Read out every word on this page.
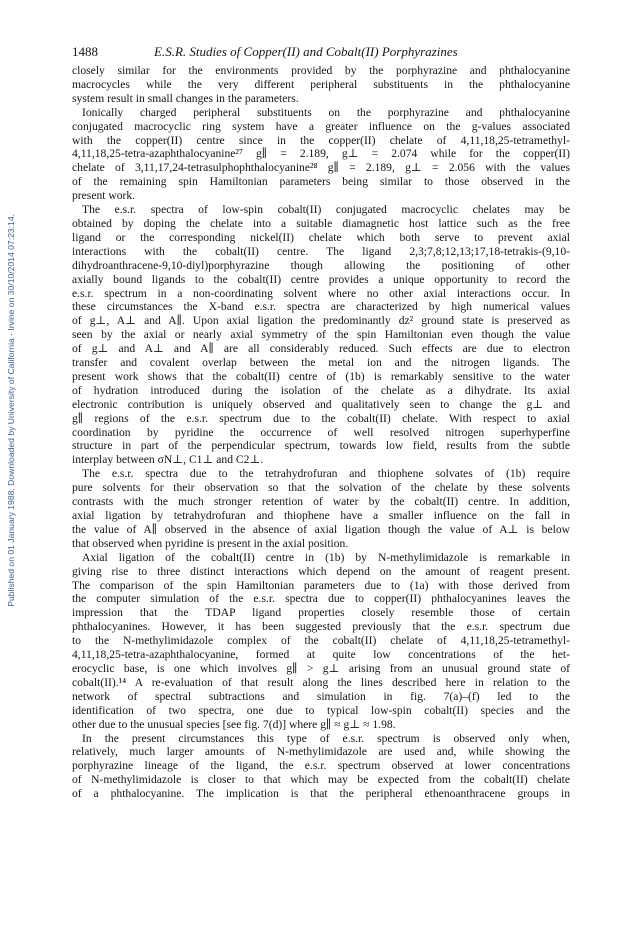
Published on 01 January 1988. Downloaded by University of California - Irvine on 30/10/2014 07:23:14.
1488	E.S.R. Studies of Copper(II) and Cobalt(II) Porphyrazines
closely similar for the environments provided by the porphyrazine and phthalocyanine
macrocycles while the very different peripheral substituents in the phthalocyanine
system result in small changes in the parameters.
Ionically charged peripheral substituents on the porphyrazine and phthalocyanine
conjugated macrocyclic ring system have a greater influence on the g-values associated
with the copper(II) centre since in the copper(II) chelate of 4,11,18,25-tetramethyl-
4,11,18,25-tetra-azaphthalocyanine²⁷ g∥ = 2.189, g⊥ = 2.074 while for the copper(II)
chelate of 3,11,17,24-tetrasulphophthalocyanine²⁸ g∥ = 2.189, g⊥ = 2.056 with the values
of the remaining spin Hamiltonian parameters being similar to those observed in the
present work.
The e.s.r. spectra of low-spin cobalt(II) conjugated macrocyclic chelates may be
obtained by doping the chelate into a suitable diamagnetic host lattice such as the free
ligand or the corresponding nickel(II) chelate which both serve to prevent axial
interactions with the cobalt(II) centre. The ligand 2,3;7,8;12,13;17,18-tetrakis-(9,10-
dihydroanthracene-9,10-diyl)porphyrazine though allowing the positioning of other
axially bound ligands to the cobalt(II) centre provides a unique opportunity to record the
e.s.r. spectrum in a non-coordinating solvent where no other axial interactions occur. In
these circumstances the X-band e.s.r. spectra are characterized by high numerical values
of g⊥, A⊥ and A∥. Upon axial ligation the predominantly dz² ground state is preserved as
seen by the axial or nearly axial symmetry of the spin Hamiltonian even though the value
of g⊥ and A⊥ and A∥ are all considerably reduced. Such effects are due to electron
transfer and covalent overlap between the metal ion and the nitrogen ligands. The
present work shows that the cobalt(II) centre of (1b) is remarkably sensitive to the water
of hydration introduced during the isolation of the chelate as a dihydrate. Its axial
electronic contribution is uniquely observed and qualitatively seen to change the g⊥ and
g∥ regions of the e.s.r. spectrum due to the cobalt(II) chelate. With respect to axial
coordination by pyridine the occurrence of well resolved nitrogen superhyperfine
structure in part of the perpendicular spectrum, towards low field, results from the subtle
interplay between σN⊥, C1⊥ and C2⊥.
The e.s.r. spectra due to the tetrahydrofuran and thiophene solvates of (1b) require
pure solvents for their observation so that the solvation of the chelate by these solvents
contrasts with the much stronger retention of water by the cobalt(II) centre. In addition,
axial ligation by tetrahydrofuran and thiophene have a smaller influence on the fall in
the value of A∥ observed in the absence of axial ligation though the value of A⊥ is below
that observed when pyridine is present in the axial position.
Axial ligation of the cobalt(II) centre in (1b) by N-methylimidazole is remarkable in
giving rise to three distinct interactions which depend on the amount of reagent present.
The comparison of the spin Hamiltonian parameters due to (1a) with those derived from
the computer simulation of the e.s.r. spectra due to copper(II) phthalocyanines leaves the
impression that the TDAP ligand properties closely resemble those of certain
phthalocyanines. However, it has been suggested previously that the e.s.r. spectrum due
to the N-methylimidazole complex of the cobalt(II) chelate of 4,11,18,25-tetramethyl-
4,11,18,25-tetra-azaphthalocyanine, formed at quite low concentrations of the het-
erocyclic base, is one which involves g∥ > g⊥ arising from an unusual ground state of
cobalt(II).¹⁴ A re-evaluation of that result along the lines described here in relation to the
network of spectral subtractions and simulation in fig. 7(a)–(f) led to the
identification of two spectra, one due to typical low-spin cobalt(II) species and the
other due to the unusual species [see fig. 7(d)] where g∥ ≈ g⊥ ≈ 1.98.
In the present circumstances this type of e.s.r. spectrum is observed only when,
relatively, much larger amounts of N-methylimidazole are used and, while showing the
porphyrazine lineage of the ligand, the e.s.r. spectrum observed at lower concentrations
of N-methylimidazole is closer to that which may be expected from the cobalt(II) chelate
of a phthalocyanine. The implication is that the peripheral ethenoanthracene groups in
